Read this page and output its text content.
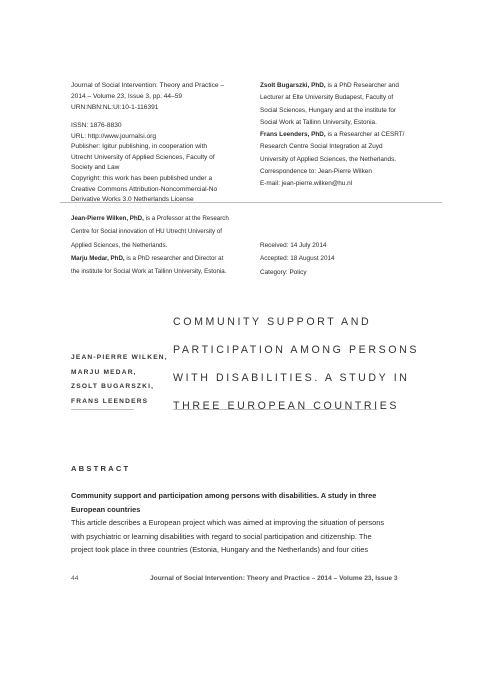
Journal of Social Intervention: Theory and Practice –
2014 – Volume 23, Issue 3, pp. 44–59
URN:NBN:NL:UI:10-1-116391
ISSN: 1876-8830
URL: http://www.journalsi.org
Publisher: Igitur publishing, in cooperation with
Utrecht University of Applied Sciences, Faculty of
Society and Law
Copyright: this work has been published under a
Creative Commons Attribution-Noncommercial-No
Derivative Works 3.0 Netherlands License
Zsolt Bugarszki, PhD, is a PhD Researcher and
Lecturer at Elte University Budapest, Faculty of
Social Sciences, Hungary and at the institute for
Social Work at Tallinn University, Estonia.
Frans Leenders, PhD, is a Researcher at CESRT/
Research Centre Social Integration at Zuyd
University of Applied Sciences, the Netherlands.
Correspondence to: Jean-Pierre Wilken
E-mail: jean-pierre.wilken@hu.nl
Jean-Pierre Wilken, PhD, is a Professor at the Research
Centre for Social innovation of HU Utrecht University of
Applied Sciences, the Netherlands.
Marju Medar, PhD, is a PhD researcher and Director at
the institute for Social Work at Tallinn University, Estonia.
Received: 14 July 2014
Accepted: 18 August 2014
Category: Policy
COMMUNITY SUPPORT AND
PARTICIPATION AMONG PERSONS
WITH DISABILITIES. A STUDY IN
THREE EUROPEAN COUNTRIES
JEAN-PIERRE WILKEN,
MARJU MEDAR,
ZSOLT BUGARSZKI,
FRANS LEENDERS
ABSTRACT
Community support and participation among persons with disabilities. A study in three
European countries
This article describes a European project which was aimed at improving the situation of persons
with psychiatric or learning disabilities with regard to social participation and citizenship. The
project took place in three countries (Estonia, Hungary and the Netherlands) and four cities
44	Journal of Social Intervention: Theory and Practice – 2014 – Volume 23, Issue 3
